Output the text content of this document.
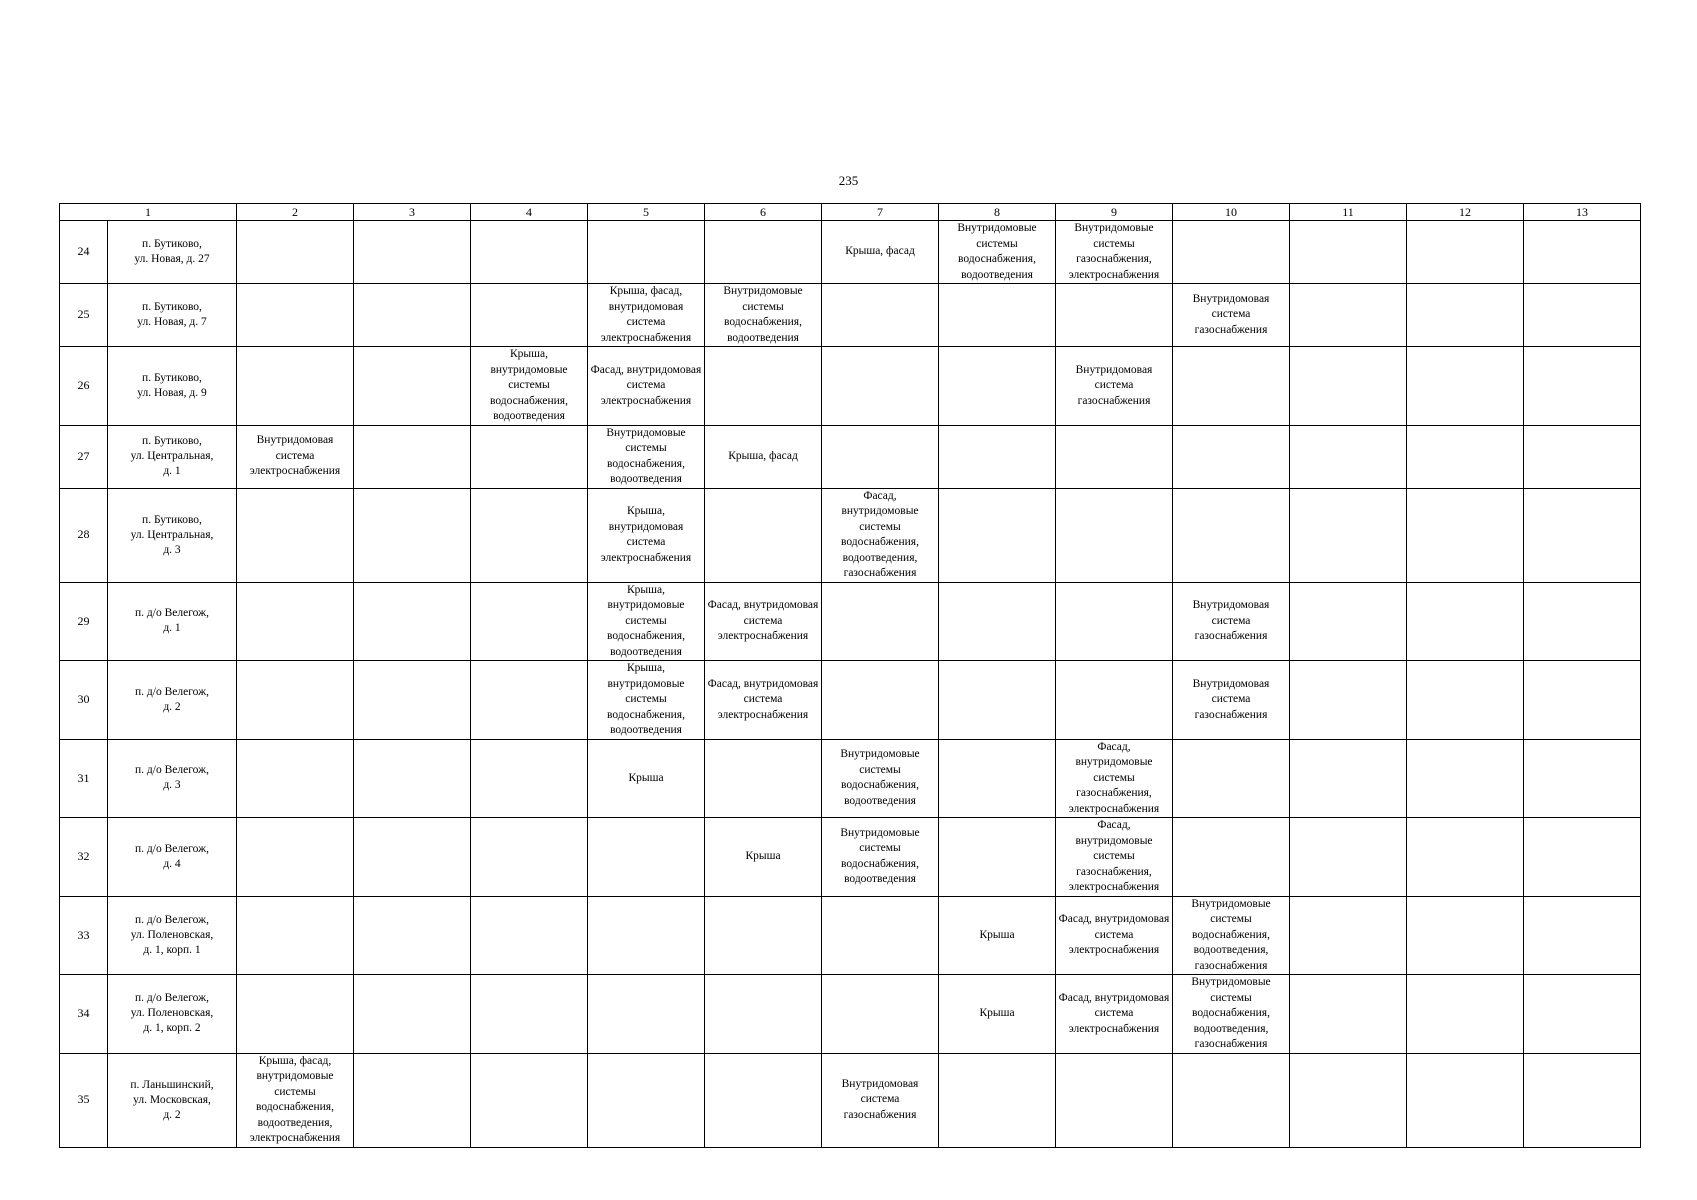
235
1		2	3	4	5	6	7	8	9	10	11	12	13
24	п. Бутиково,
ул. Новая, д. 27						Крыша, фасад	Внутридомовые системы водоснабжения, водоотведения	Внутридомовые системы газоснабжения, электроснабжения				
25	п. Бутиково,
ул. Новая, д. 7				Крыша, фасад, внутридомовая система электроснабжения	Внутридомовые системы водоснабжения, водоотведения				Внутридомовая система газоснабжения			
26	п. Бутиково,
ул. Новая, д. 9			Крыша, внутридомовые системы водоснабжения, водоотведения	Фасад, внутридомовая система электроснабжения				Внутридомовая система газоснабжения				
27	п. Бутиково,
ул. Центральная,
д. 1	Внутридомовая система электроснабжения			Внутридомовые системы водоснабжения, водоотведения	Крыша, фасад							
28	п. Бутиково,
ул. Центральная,
д. 3				Крыша, внутридомовая система электроснабжения		Фасад, внутридомовые системы водоснабжения, водоотведения, газоснабжения						
29	п. д/о Велегож,
д. 1				Крыша, внутридомовые системы водоснабжения, водоотведения	Фасад, внутридомовая система электроснабжения				Внутридомовая система газоснабжения			
30	п. д/о Велегож,
д. 2				Крыша, внутридомовые системы водоснабжения, водоотведения	Фасад, внутридомовая система электроснабжения				Внутридомовая система газоснабжения			
31	п. д/о Велегож,
д. 3				Крыша		Внутридомовые системы водоснабжения, водоотведения		Фасад, внутридомовые системы газоснабжения, электроснабжения				
32	п. д/о Велегож,
д. 4					Крыша	Внутридомовые системы водоснабжения, водоотведения		Фасад, внутридомовые системы газоснабжения, электроснабжения				
33	п. д/о Велегож,
ул. Поленовская,
д. 1, корп. 1							Крыша	Фасад, внутридомовая система электроснабжения	Внутридомовые системы водоснабжения, водоотведения, газоснабжения			
34	п. д/о Велегож,
ул. Поленовская,
д. 1, корп. 2							Крыша	Фасад, внутридомовая система электроснабжения	Внутридомовые системы водоснабжения, водоотведения, газоснабжения			
35	п. Ланьшинский,
ул. Московская,
д. 2	Крыша, фасад, внутридомовые системы водоснабжения, водоотведения, электроснабжения					Внутридомовая система газоснабжения						
